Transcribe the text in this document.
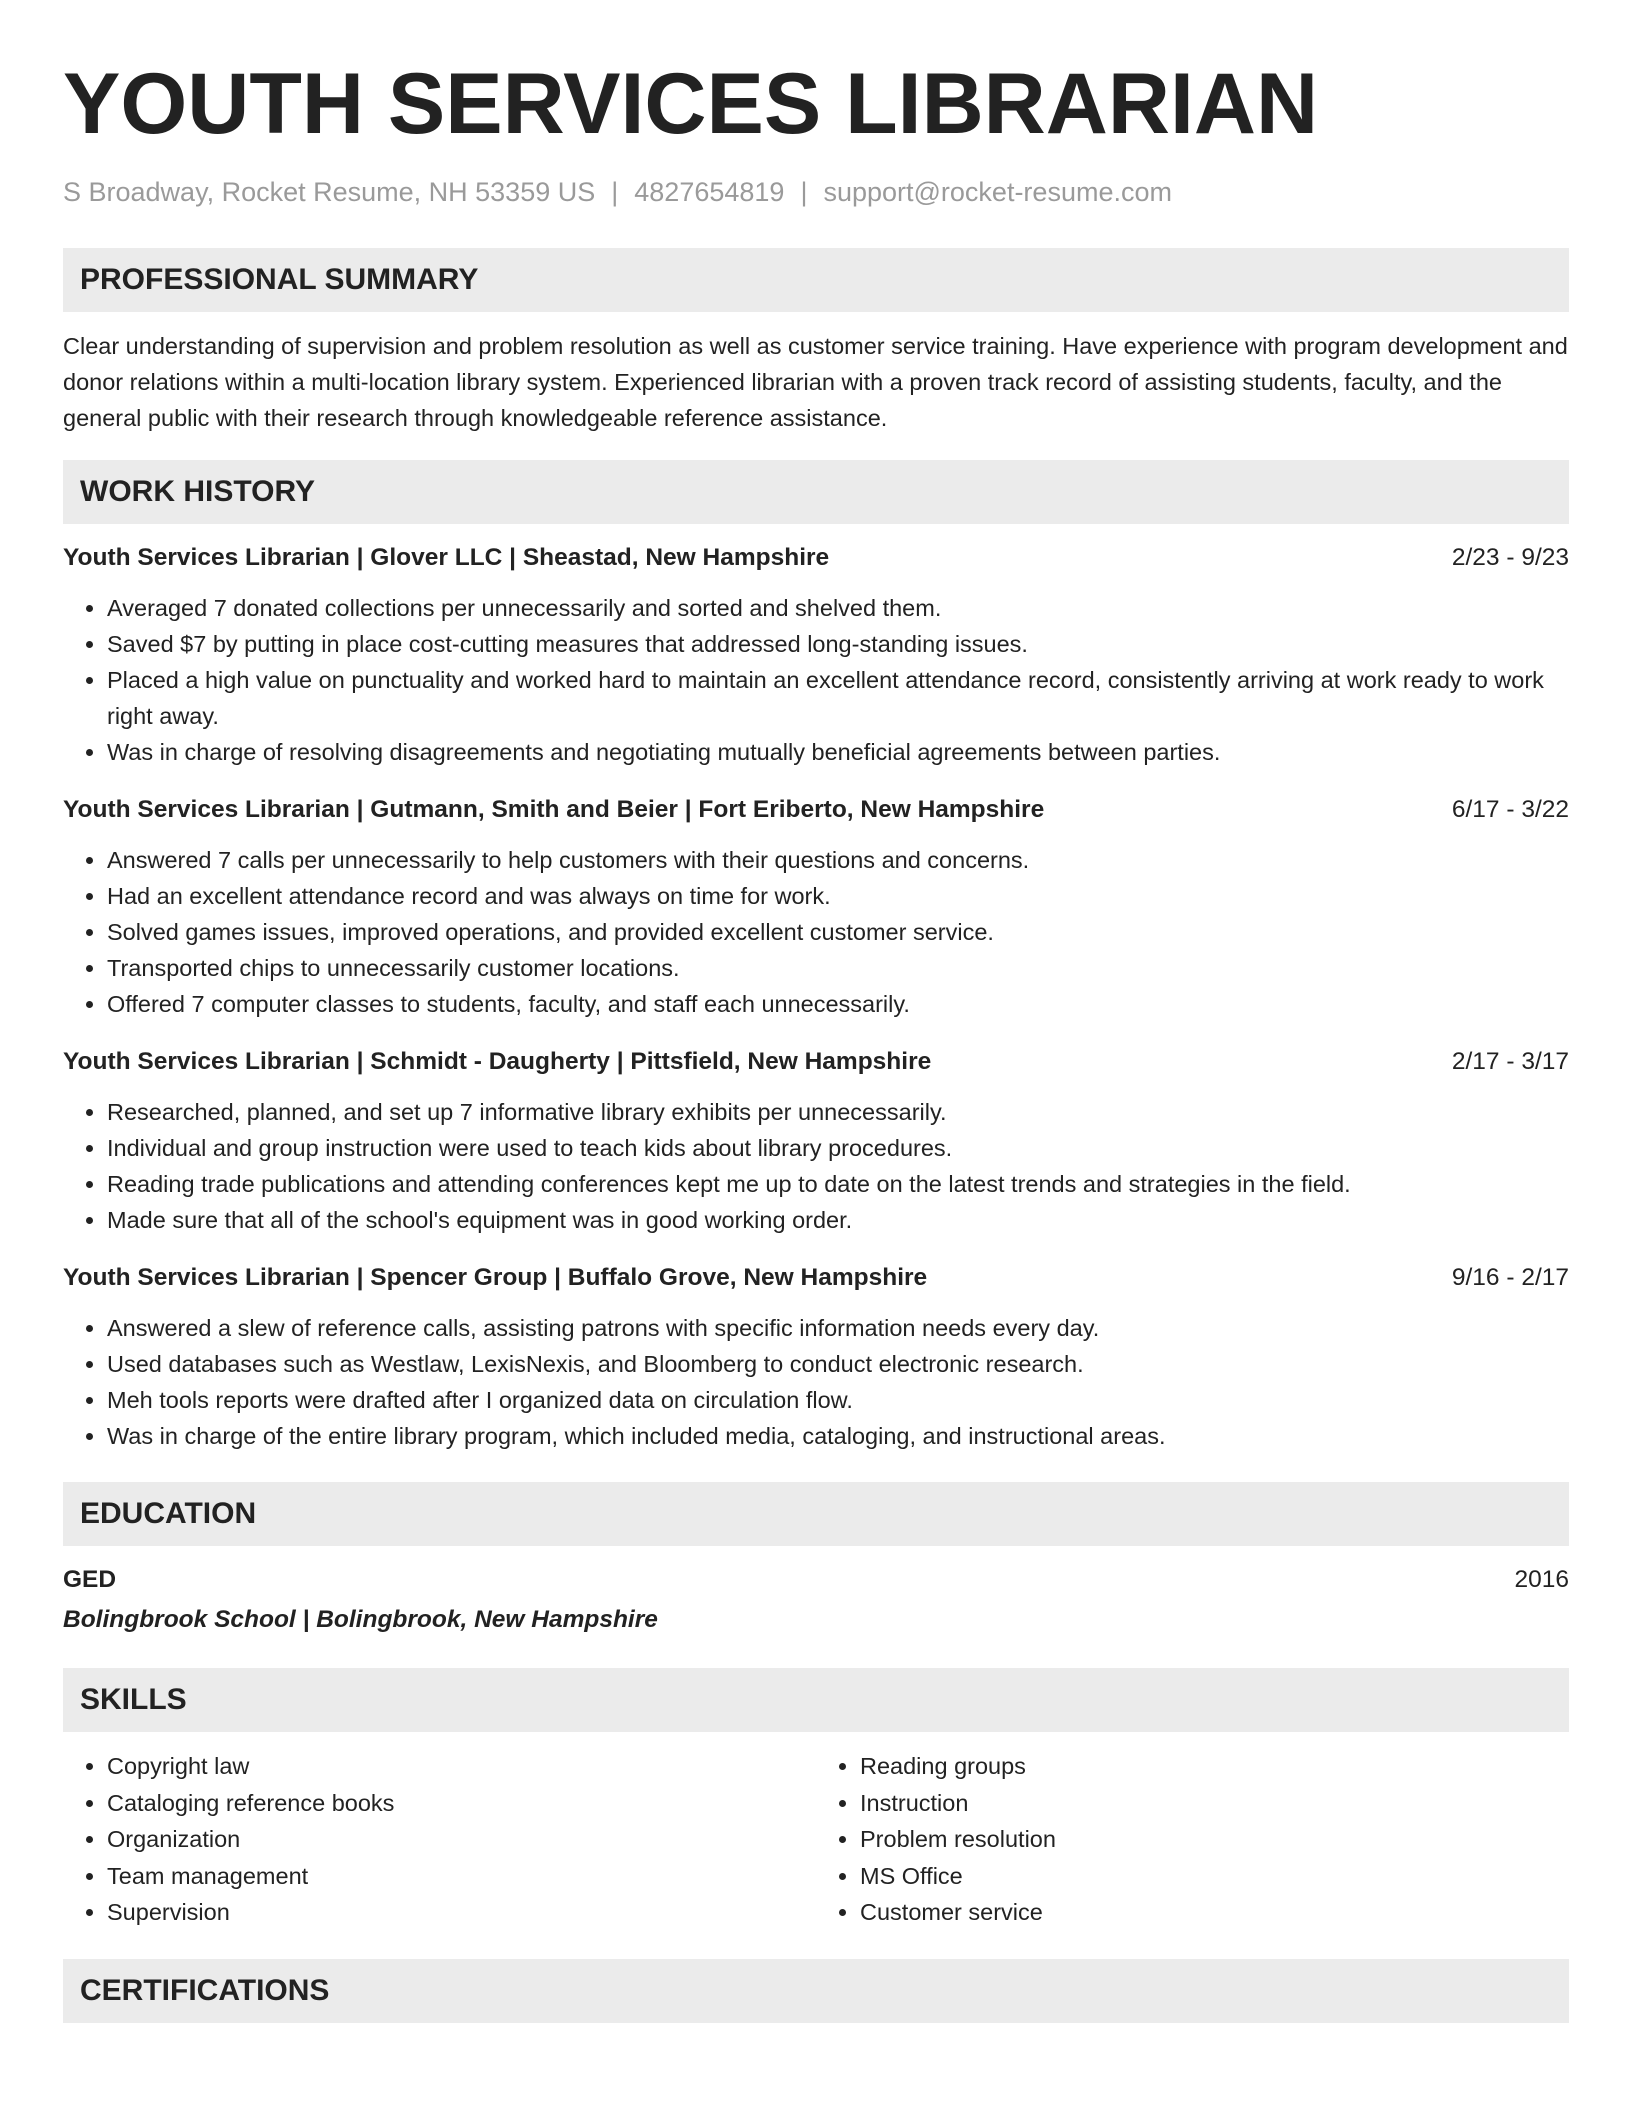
YOUTH SERVICES LIBRARIAN
S Broadway, Rocket Resume, NH 53359 US | 4827654819 | support@rocket-resume.com
PROFESSIONAL SUMMARY

Clear understanding of supervision and problem resolution as well as customer service training. Have experience with program development and donor relations within a multi-location library system. Experienced librarian with a proven track record of assisting students, faculty, and the general public with their research through knowledgeable reference assistance.

WORK HISTORY
Youth Services Librarian | Glover LLC | Sheastad, New Hampshire	2/23 - 9/23
• Averaged 7 donated collections per unnecessarily and sorted and shelved them.
• Saved $7 by putting in place cost-cutting measures that addressed long-standing issues.
• Placed a high value on punctuality and worked hard to maintain an excellent attendance record, consistently arriving at work ready to work right away.
• Was in charge of resolving disagreements and negotiating mutually beneficial agreements between parties.
Youth Services Librarian | Gutmann, Smith and Beier | Fort Eriberto, New Hampshire	6/17 - 3/22
• Answered 7 calls per unnecessarily to help customers with their questions and concerns.
• Had an excellent attendance record and was always on time for work.
• Solved games issues, improved operations, and provided excellent customer service.
• Transported chips to unnecessarily customer locations.
• Offered 7 computer classes to students, faculty, and staff each unnecessarily.
Youth Services Librarian | Schmidt - Daugherty | Pittsfield, New Hampshire	2/17 - 3/17
• Researched, planned, and set up 7 informative library exhibits per unnecessarily.
• Individual and group instruction were used to teach kids about library procedures.
• Reading trade publications and attending conferences kept me up to date on the latest trends and strategies in the field.
• Made sure that all of the school's equipment was in good working order.
Youth Services Librarian | Spencer Group | Buffalo Grove, New Hampshire	9/16 - 2/17
• Answered a slew of reference calls, assisting patrons with specific information needs every day.
• Used databases such as Westlaw, LexisNexis, and Bloomberg to conduct electronic research.
• Meh tools reports were drafted after I organized data on circulation flow.
• Was in charge of the entire library program, which included media, cataloging, and instructional areas.
EDUCATION
GED	2016
Bolingbrook School | Bolingbrook, New Hampshire
SKILLS
• Copyright law
• Cataloging reference books
• Organization
• Team management
• Supervision
• Reading groups
• Instruction
• Problem resolution
• MS Office
• Customer service
CERTIFICATIONS
